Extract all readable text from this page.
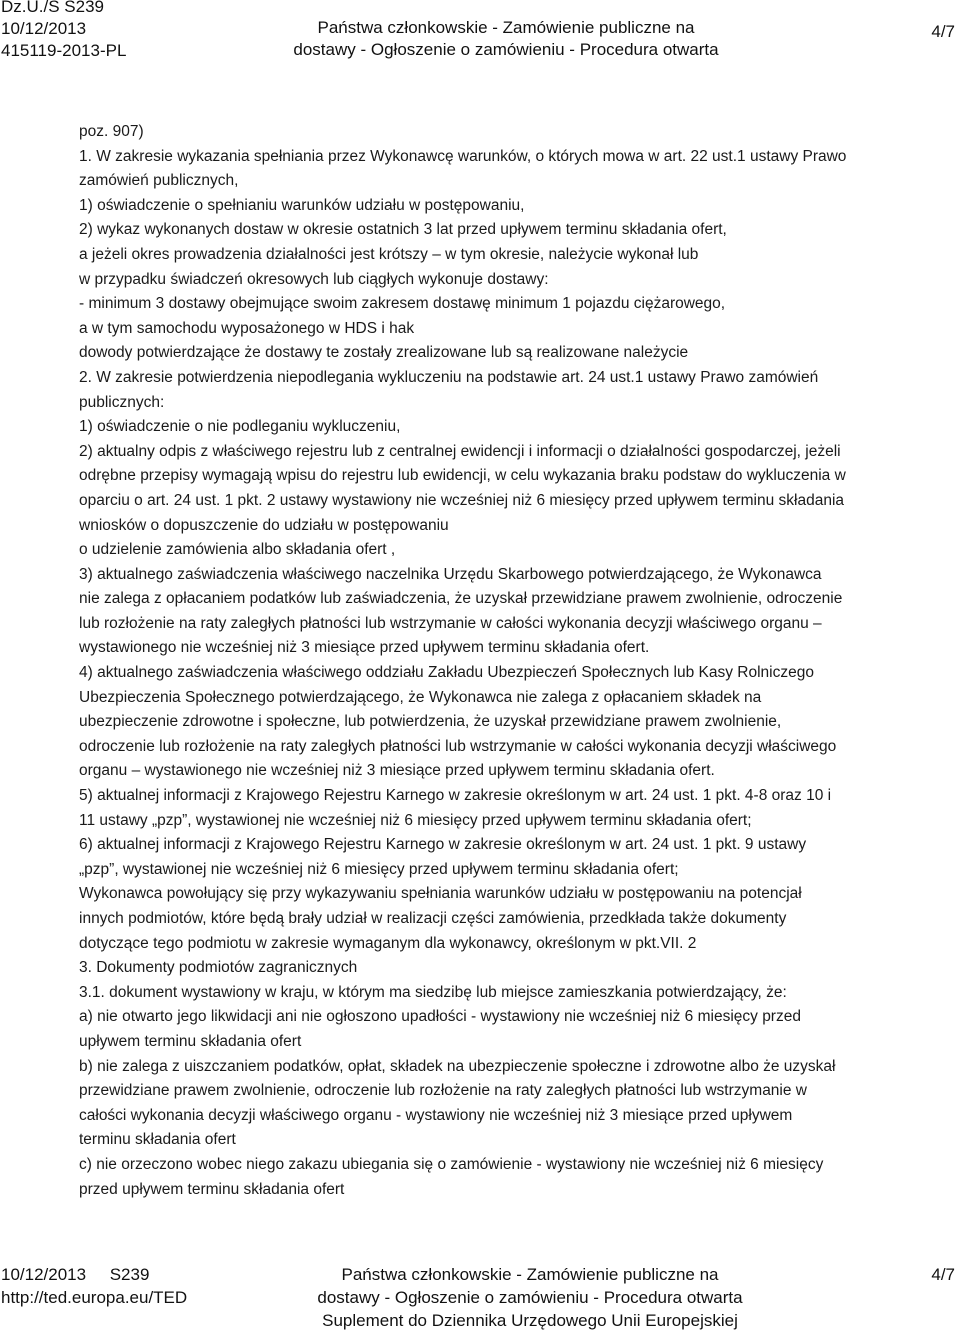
Dz.U./S S239
10/12/2013
415119-2013-PL
Państwa członkowskie - Zamówienie publiczne na
dostawy - Ogłoszenie o zamówieniu - Procedura otwarta
4/7
poz. 907)
1. W zakresie wykazania spełniania przez Wykonawcę warunków, o których mowa w art. 22 ust.1 ustawy Prawo
zamówień publicznych,
1) oświadczenie o spełnianiu warunków udziału w postępowaniu,
2) wykaz wykonanych dostaw w okresie ostatnich 3 lat przed upływem terminu składania ofert,
a jeżeli okres prowadzenia działalności jest krótszy – w tym okresie, należycie wykonał lub
w przypadku świadczeń okresowych lub ciągłych wykonuje dostawy:
- minimum 3 dostawy obejmujące swoim zakresem dostawę minimum 1 pojazdu ciężarowego,
a w tym samochodu wyposażonego w HDS i hak
dowody potwierdzające że dostawy te zostały zrealizowane lub są realizowane należycie
2. W zakresie potwierdzenia niepodlegania wykluczeniu na podstawie art. 24 ust.1 ustawy Prawo zamówień
publicznych:
1) oświadczenie o nie podleganiu wykluczeniu,
2) aktualny odpis z właściwego rejestru lub z centralnej ewidencji i informacji o działalności gospodarczej, jeżeli
odrębne przepisy wymagają wpisu do rejestru lub ewidencji, w celu wykazania braku podstaw do wykluczenia w
oparciu o art. 24 ust. 1 pkt. 2 ustawy wystawiony nie wcześniej niż 6 miesięcy przed upływem terminu składania
wniosków o dopuszczenie do udziału w postępowaniu
o udzielenie zamówienia albo składania ofert ,
3) aktualnego zaświadczenia właściwego naczelnika Urzędu Skarbowego potwierdzającego, że Wykonawca
nie zalega z opłacaniem podatków lub zaświadczenia, że uzyskał przewidziane prawem zwolnienie, odroczenie
lub rozłożenie na raty zaległych płatności lub wstrzymanie w całości wykonania decyzji właściwego organu –
wystawionego nie wcześniej niż 3 miesiące przed upływem terminu składania ofert.
4) aktualnego zaświadczenia właściwego oddziału Zakładu Ubezpieczeń Społecznych lub Kasy Rolniczego
Ubezpieczenia Społecznego potwierdzającego, że Wykonawca nie zalega z opłacaniem składek na
ubezpieczenie zdrowotne i społeczne, lub potwierdzenia, że uzyskał przewidziane prawem zwolnienie,
odroczenie lub rozłożenie na raty zaległych płatności lub wstrzymanie w całości wykonania decyzji właściwego
organu – wystawionego nie wcześniej niż 3 miesiące przed upływem terminu składania ofert.
5) aktualnej informacji z Krajowego Rejestru Karnego w zakresie określonym w art. 24 ust. 1 pkt. 4-8 oraz 10 i
11 ustawy „pzp”, wystawionej nie wcześniej niż 6 miesięcy przed upływem terminu składania ofert;
6) aktualnej informacji z Krajowego Rejestru Karnego w zakresie określonym w art. 24 ust. 1 pkt. 9 ustawy
„pzp”, wystawionej nie wcześniej niż 6 miesięcy przed upływem terminu składania ofert;
Wykonawca powołujący się przy wykazywaniu spełniania warunków udziału w postępowaniu na potencjał
innych podmiotów, które będą brały udział w realizacji części zamówienia, przedkłada także dokumenty
dotyczące tego podmiotu w zakresie wymaganym dla wykonawcy, określonym w pkt.VII. 2
3. Dokumenty podmiotów zagranicznych
3.1. dokument wystawiony w kraju, w którym ma siedzibę lub miejsce zamieszkania potwierdzający, że:
a) nie otwarto jego likwidacji ani nie ogłoszono upadłości - wystawiony nie wcześniej niż 6 miesięcy przed
upływem terminu składania ofert
b) nie zalega z uiszczaniem podatków, opłat, składek na ubezpieczenie społeczne i zdrowotne albo że uzyskał
przewidziane prawem zwolnienie, odroczenie lub rozłożenie na raty zaległych płatności lub wstrzymanie w
całości wykonania decyzji właściwego organu - wystawiony nie wcześniej niż 3 miesiące przed upływem
terminu składania ofert
c) nie orzeczono wobec niego zakazu ubiegania się o zamówienie - wystawiony nie wcześniej niż 6 miesięcy
przed upływem terminu składania ofert
10/12/2013     S239
http://ted.europa.eu/TED
Państwa członkowskie - Zamówienie publiczne na
dostawy - Ogłoszenie o zamówieniu - Procedura otwarta
Suplement do Dziennika Urzędowego Unii Europejskiej
4/7
